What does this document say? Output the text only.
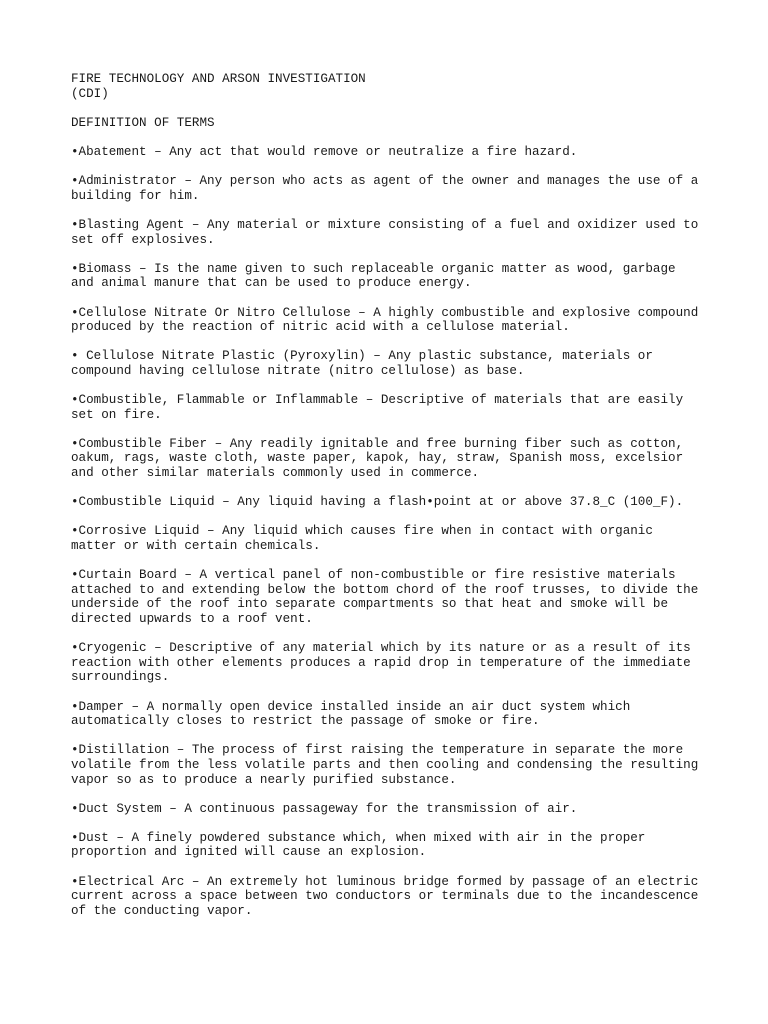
FIRE TECHNOLOGY AND ARSON INVESTIGATION
(CDI)
DEFINITION OF TERMS
•Abatement – Any act that would remove or neutralize a fire hazard.
•Administrator – Any person who acts as agent of the owner and manages the use of a
building for him.
•Blasting Agent – Any material or mixture consisting of a fuel and oxidizer used to
set off explosives.
•Biomass – Is the name given to such replaceable organic matter as wood, garbage
and animal manure that can be used to produce energy.
•Cellulose Nitrate Or Nitro Cellulose – A highly combustible and explosive compound
produced by the reaction of nitric acid with a cellulose material.
• Cellulose Nitrate Plastic (Pyroxylin) – Any plastic substance, materials or
compound having cellulose nitrate (nitro cellulose) as base.
•Combustible, Flammable or Inflammable – Descriptive of materials that are easily
set on fire.
•Combustible Fiber – Any readily ignitable and free burning fiber such as cotton,
oakum, rags, waste cloth, waste paper, kapok, hay, straw, Spanish moss, excelsior
and other similar materials commonly used in commerce.
•Combustible Liquid – Any liquid having a flash•point at or above 37.8_C (100_F).
•Corrosive Liquid – Any liquid which causes fire when in contact with organic
matter or with certain chemicals.
•Curtain Board – A vertical panel of non-combustible or fire resistive materials
attached to and extending below the bottom chord of the roof trusses, to divide the
underside of the roof into separate compartments so that heat and smoke will be
directed upwards to a roof vent.
•Cryogenic – Descriptive of any material which by its nature or as a result of its
reaction with other elements produces a rapid drop in temperature of the immediate
surroundings.
•Damper – A normally open device installed inside an air duct system which
automatically closes to restrict the passage of smoke or fire.
•Distillation – The process of first raising the temperature in separate the more
volatile from the less volatile parts and then cooling and condensing the resulting
vapor so as to produce a nearly purified substance.
•Duct System – A continuous passageway for the transmission of air.
•Dust – A finely powdered substance which, when mixed with air in the proper
proportion and ignited will cause an explosion.
•Electrical Arc – An extremely hot luminous bridge formed by passage of an electric
current across a space between two conductors or terminals due to the incandescence
of the conducting vapor.
